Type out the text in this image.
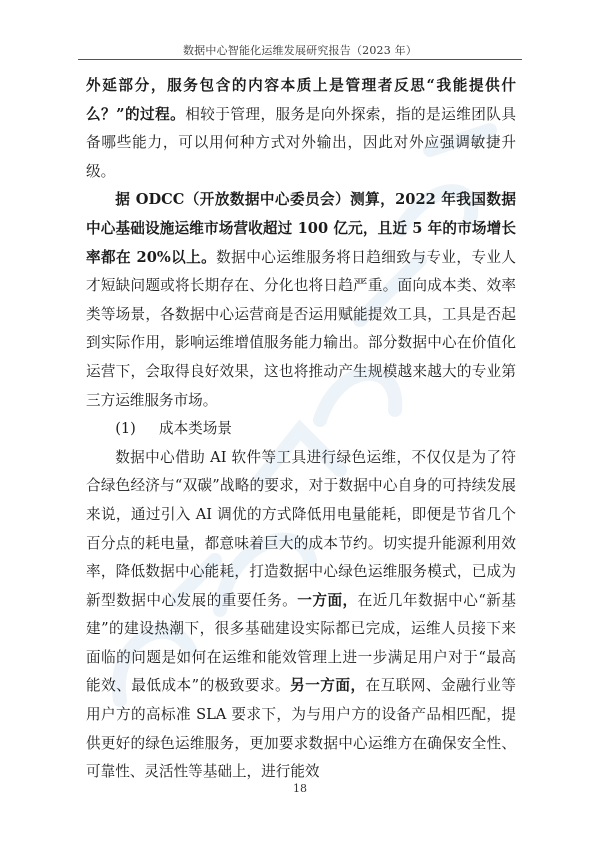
数据中心智能化运维发展研究报告（2023 年）

外延部分，服务包含的内容本质上是管理者反思“我能提供什么？”的过程。相较于管理，服务是向外探索，指的是运维团队具备哪些能力，可以用何种方式对外输出，因此对外应强调敏捷升级。

据 ODCC（开放数据中心委员会）测算，2022 年我国数据中心基础设施运维市场营收超过 100 亿元，且近 5 年的市场增长率都在 20%以上。数据中心运维服务将日趋细致与专业，专业人才短缺问题或将长期存在、分化也将日趋严重。面向成本类、效率类等场景，各数据中心运营商是否运用赋能提效工具，工具是否起到实际作用，影响运维增值服务能力输出。部分数据中心在价值化运营下，会取得良好效果，这也将推动产生规模越来越大的专业第三方运维服务市场。

(1) 成本类场景

数据中心借助 AI 软件等工具进行绿色运维，不仅仅是为了符合绿色经济与“双碳”战略的要求，对于数据中心自身的可持续发展来说，通过引入 AI 调优的方式降低用电量能耗，即便是节省几个百分点的耗电量，都意味着巨大的成本节约。切实提升能源利用效率，降低数据中心能耗，打造数据中心绿色运维服务模式，已成为新型数据中心发展的重要任务。一方面，在近几年数据中心“新基建”的建设热潮下，很多基础建设实际都已完成，运维人员接下来面临的问题是如何在运维和能效管理上进一步满足用户对于“最高能效、最低成本”的极致要求。另一方面，在互联网、金融行业等用户方的高标准 SLA 要求下，为与用户方的设备产品相匹配，提供更好的绿色运维服务，更加要求数据中心运维方在确保安全性、可靠性、灵活性等基础上，进行能效

18
